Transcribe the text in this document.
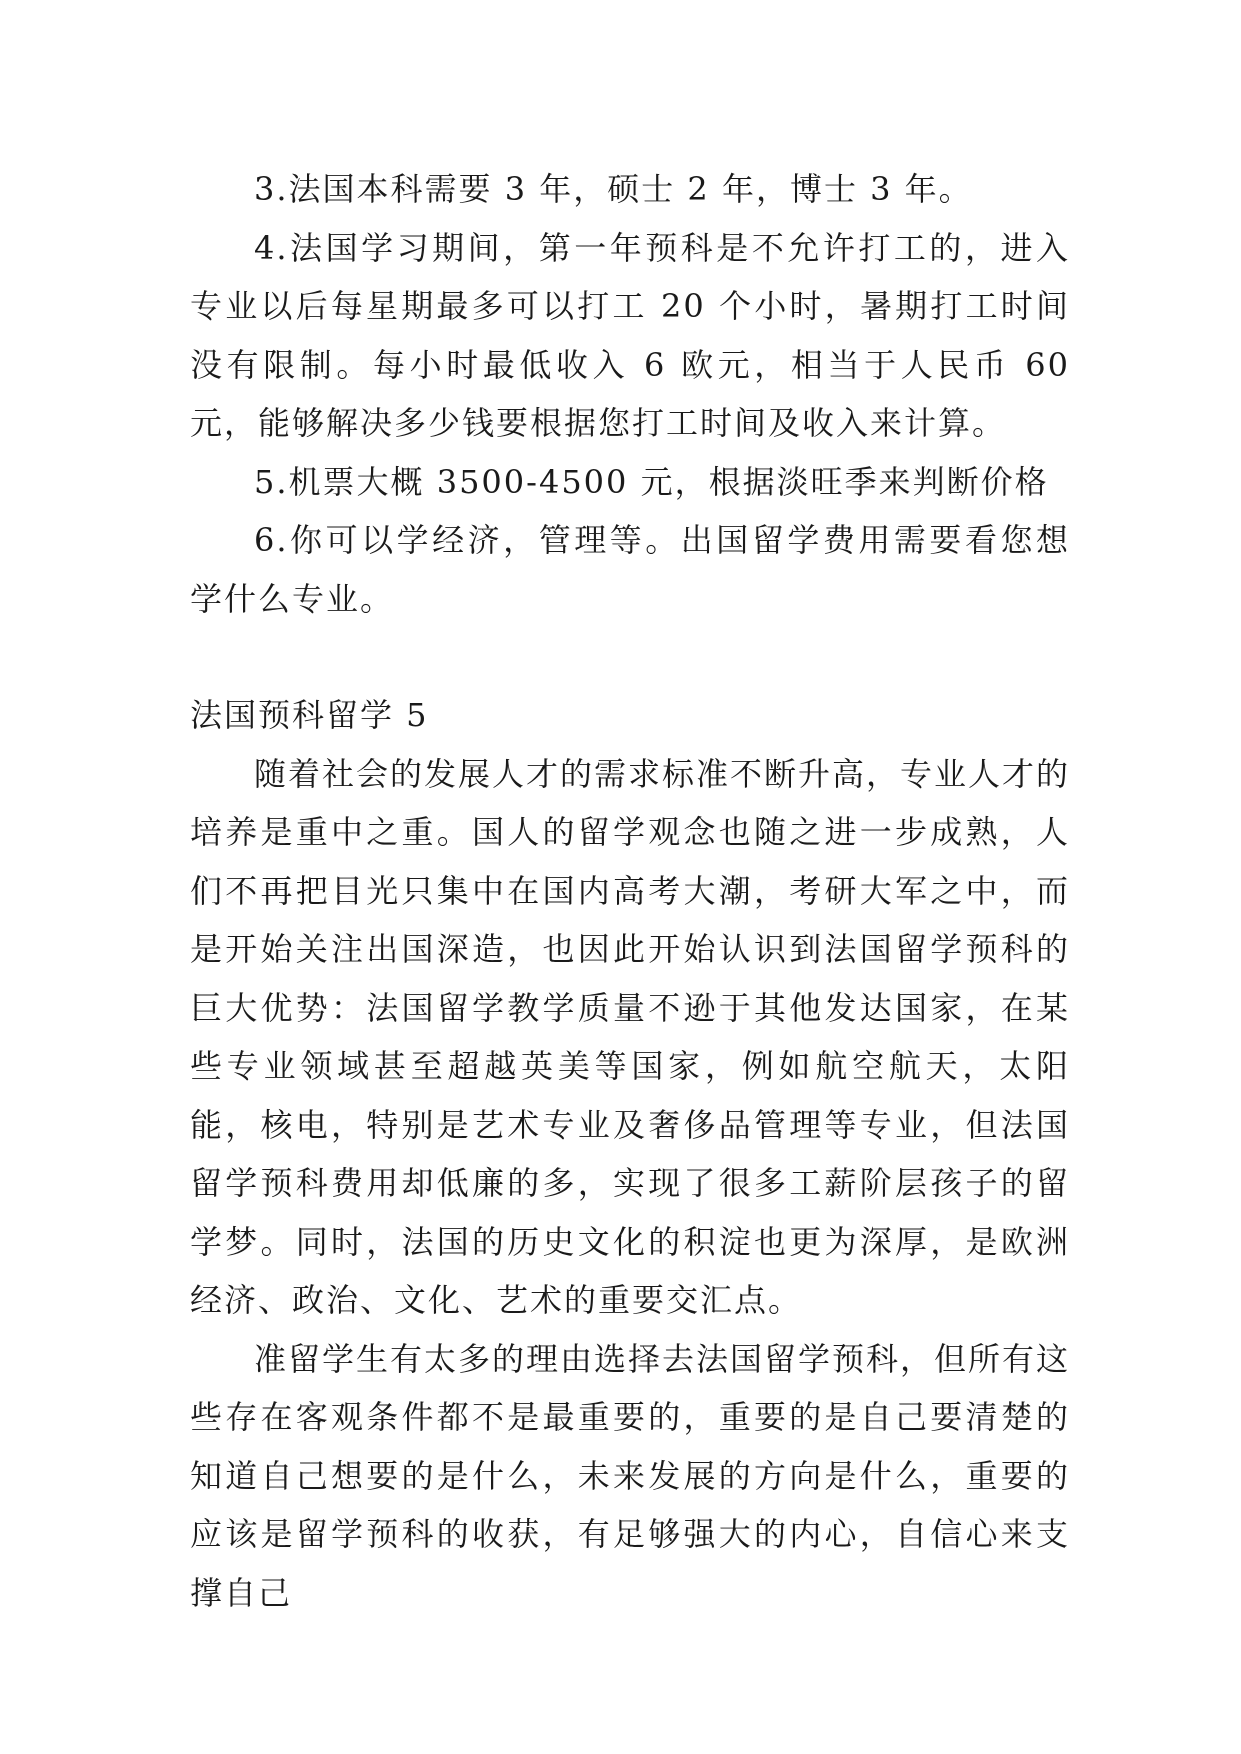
3.法国本科需要 3 年，硕士 2 年，博士 3 年。

4.法国学习期间，第一年预科是不允许打工的，进入专业以后每星期最多可以打工 20 个小时，暑期打工时间没有限制。每小时最低收入 6 欧元，相当于人民币 60 元，能够解决多少钱要根据您打工时间及收入来计算。

5.机票大概 3500-4500 元，根据淡旺季来判断价格

6.你可以学经济，管理等。出国留学费用需要看您想学什么专业。

法国预科留学 5

随着社会的发展人才的需求标准不断升高，专业人才的培养是重中之重。国人的留学观念也随之进一步成熟，人们不再把目光只集中在国内高考大潮，考研大军之中，而是开始关注出国深造，也因此开始认识到法国留学预科的巨大优势：法国留学教学质量不逊于其他发达国家，在某些专业领域甚至超越英美等国家，例如航空航天，太阳能，核电，特别是艺术专业及奢侈品管理等专业，但法国留学预科费用却低廉的多，实现了很多工薪阶层孩子的留学梦。同时，法国的历史文化的积淀也更为深厚，是欧洲经济、政治、文化、艺术的重要交汇点。

准留学生有太多的理由选择去法国留学预科，但所有这些存在客观条件都不是最重要的，重要的是自己要清楚的知道自己想要的是什么，未来发展的方向是什么，重要的应该是留学预科的收获，有足够强大的内心，自信心来支撑自己
